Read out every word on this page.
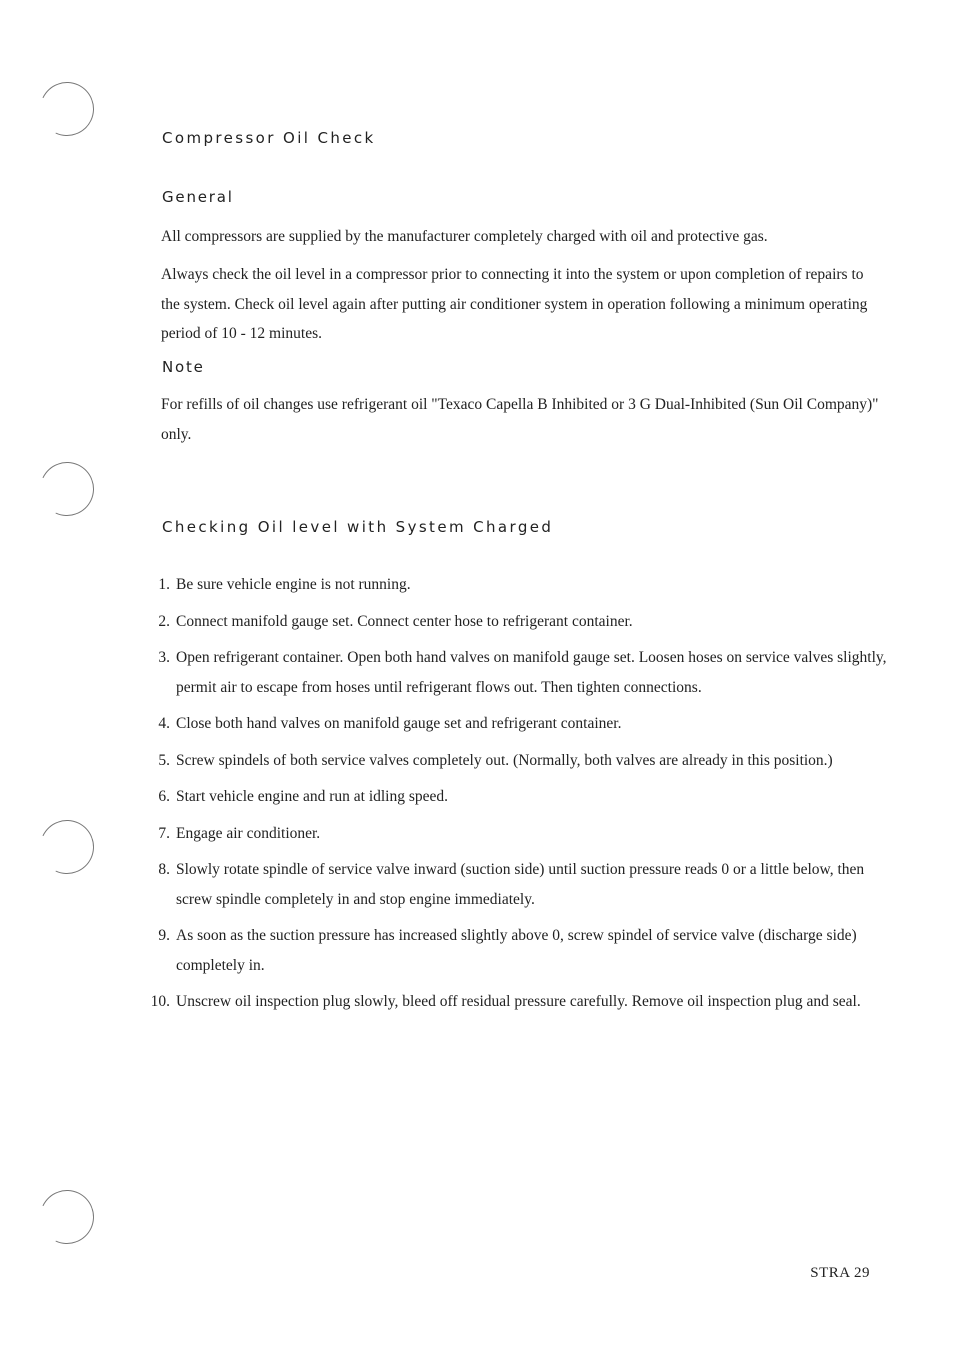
Compressor Oil Check
General

All compressors are supplied by the manufacturer completely charged with oil and protective gas.

Always check the oil level in a compressor prior to connecting it into the system or upon completion of repairs to the system. Check oil level again after putting air conditioner system in operation following a minimum operating period of 10 - 12 minutes.

Note

For refills of oil changes use refrigerant oil "Texaco Capella B Inhibited or 3 G Dual-Inhibited (Sun Oil Company)" only.

Checking Oil level with System Charged
1. Be sure vehicle engine is not running.
2. Connect manifold gauge set. Connect center hose to refrigerant container.
3. Open refrigerant container. Open both hand valves on manifold gauge set. Loosen hoses on service valves slightly, permit air to escape from hoses until refrigerant flows out. Then tighten connections.
4. Close both hand valves on manifold gauge set and refrigerant container.
5. Screw spindels of both service valves completely out. (Normally, both valves are already in this position.)
6. Start vehicle engine and run at idling speed.
7. Engage air conditioner.
8. Slowly rotate spindle of service valve inward (suction side) until suction pressure reads 0 or a little below, then screw spindle completely in and stop engine immediately.
9. As soon as the suction pressure has increased slightly above 0, screw spindel of service valve (discharge side) completely in.
10. Unscrew oil inspection plug slowly, bleed off residual pressure carefully. Remove oil inspection plug and seal.
STRA 29
